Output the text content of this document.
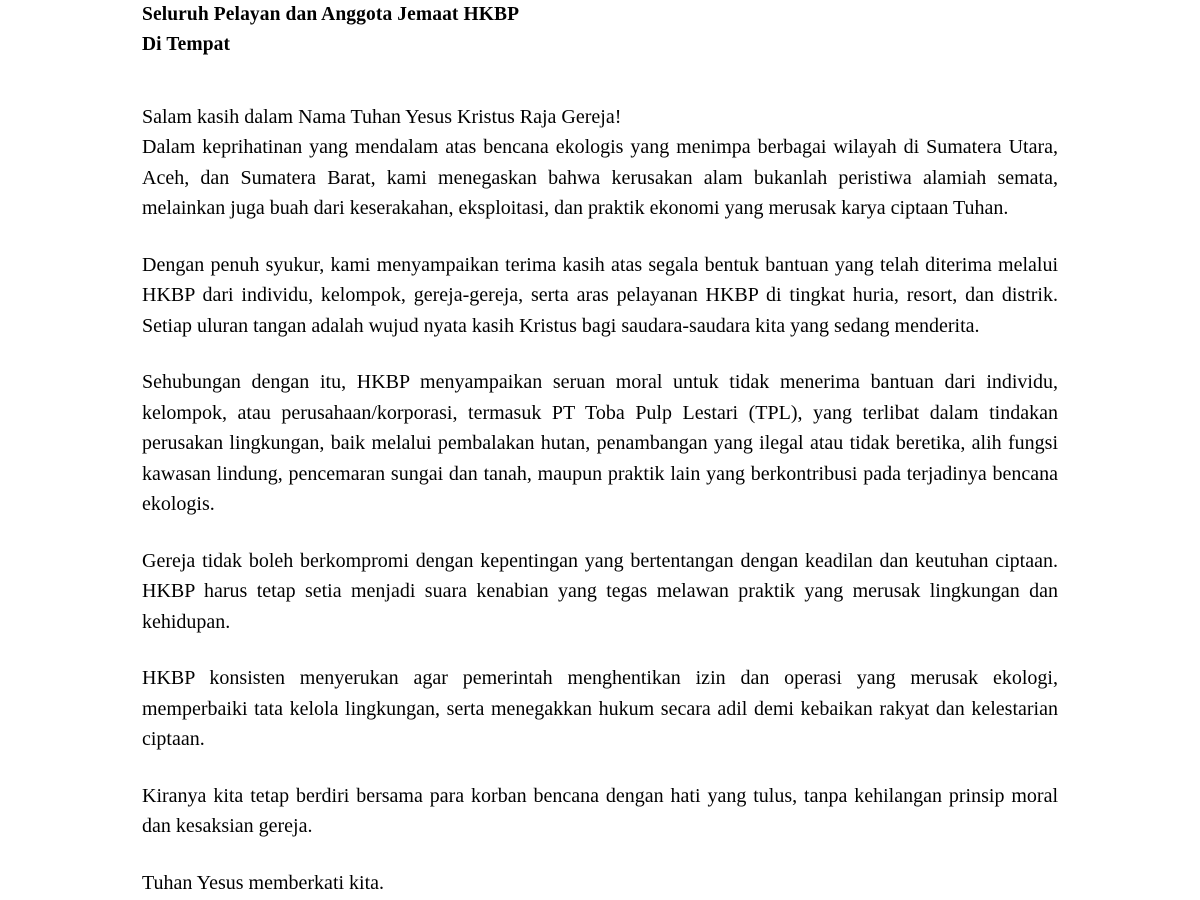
Seluruh Pelayan dan Anggota Jemaat HKBP
Di Tempat
Salam kasih dalam Nama Tuhan Yesus Kristus Raja Gereja!

Dalam keprihatinan yang mendalam atas bencana ekologis yang menimpa berbagai wilayah di Sumatera Utara, Aceh, dan Sumatera Barat, kami menegaskan bahwa kerusakan alam bukanlah peristiwa alamiah semata, melainkan juga buah dari keserakahan, eksploitasi, dan praktik ekonomi yang merusak karya ciptaan Tuhan.

Dengan penuh syukur, kami menyampaikan terima kasih atas segala bentuk bantuan yang telah diterima melalui HKBP dari individu, kelompok, gereja-gereja, serta aras pelayanan HKBP di tingkat huria, resort, dan distrik. Setiap uluran tangan adalah wujud nyata kasih Kristus bagi saudara-saudara kita yang sedang menderita.

Sehubungan dengan itu, HKBP menyampaikan seruan moral untuk tidak menerima bantuan dari individu, kelompok, atau perusahaan/korporasi, termasuk PT Toba Pulp Lestari (TPL), yang terlibat dalam tindakan perusakan lingkungan, baik melalui pembalakan hutan, penambangan yang ilegal atau tidak beretika, alih fungsi kawasan lindung, pencemaran sungai dan tanah, maupun praktik lain yang berkontribusi pada terjadinya bencana ekologis.

Gereja tidak boleh berkompromi dengan kepentingan yang bertentangan dengan keadilan dan keutuhan ciptaan. HKBP harus tetap setia menjadi suara kenabian yang tegas melawan praktik yang merusak lingkungan dan kehidupan.

HKBP konsisten menyerukan agar pemerintah menghentikan izin dan operasi yang merusak ekologi, memperbaiki tata kelola lingkungan, serta menegakkan hukum secara adil demi kebaikan rakyat dan kelestarian ciptaan.

Kiranya kita tetap berdiri bersama para korban bencana dengan hati yang tulus, tanpa kehilangan prinsip moral dan kesaksian gereja.

Tuhan Yesus memberkati kita.
